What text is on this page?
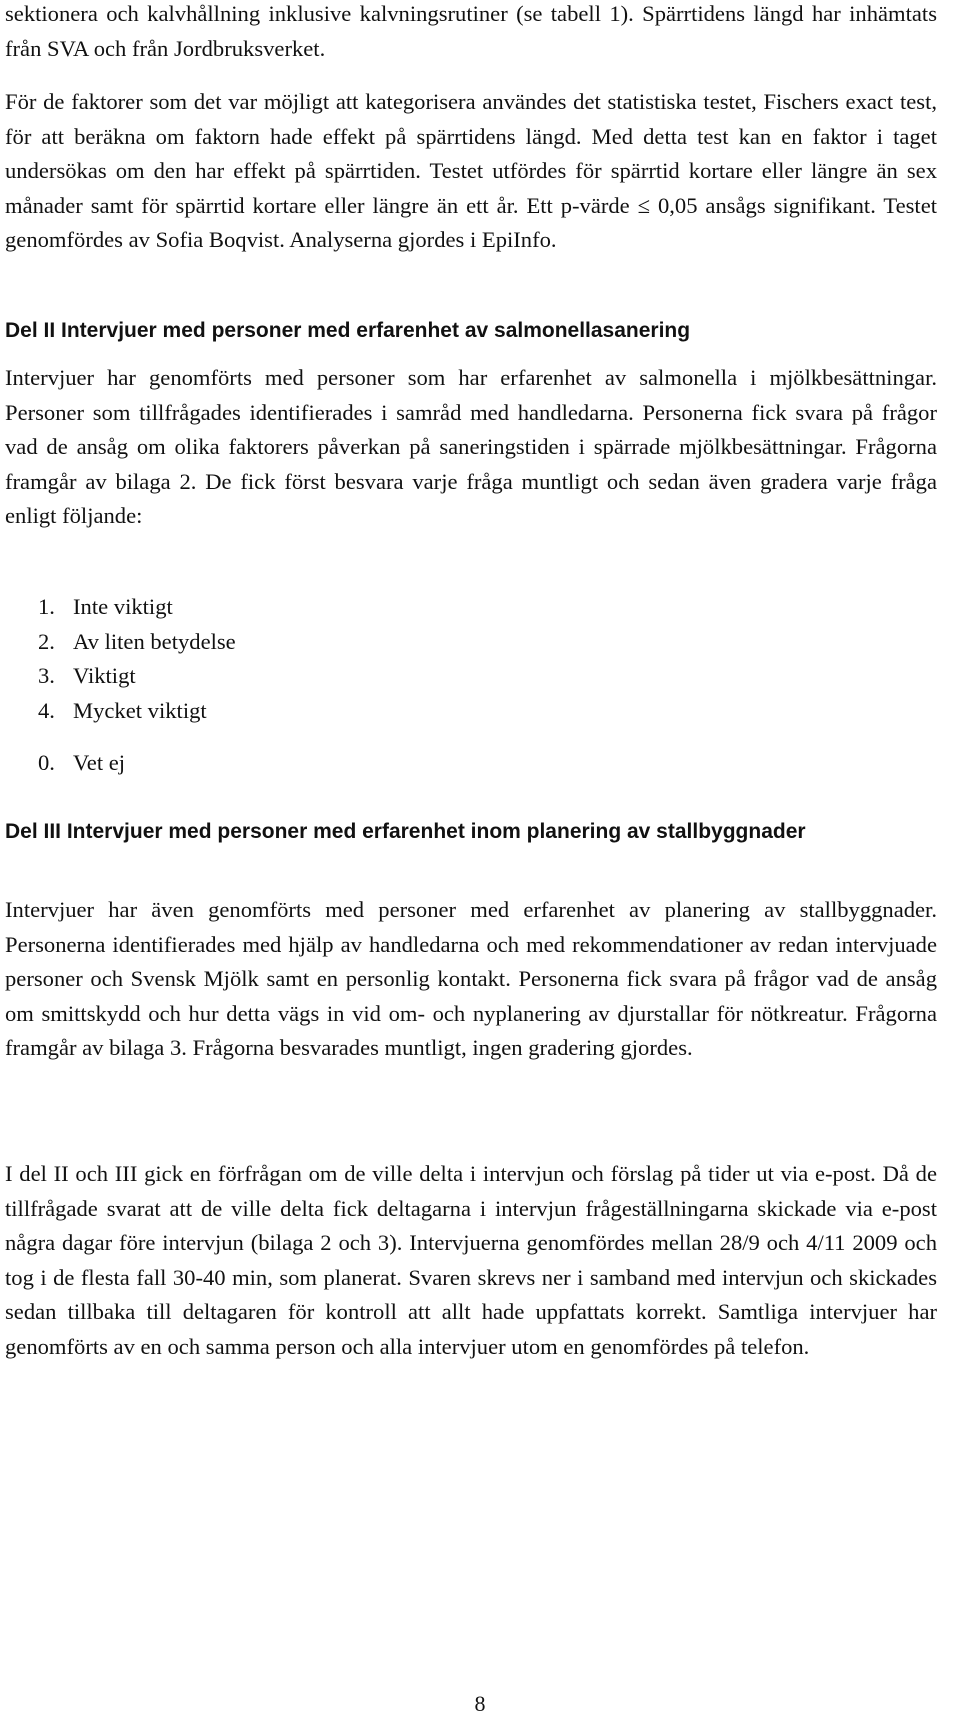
sektionera och kalvhållning inklusive kalvningsrutiner (se tabell 1). Spärrtidens längd har inhämtats från SVA och från Jordbruksverket.

För de faktorer som det var möjligt att kategorisera användes det statistiska testet, Fischers exact test, för att beräkna om faktorn hade effekt på spärrtidens längd. Med detta test kan en faktor i taget undersökas om den har effekt på spärrtiden. Testet utfördes för spärrtid kortare eller längre än sex månader samt för spärrtid kortare eller längre än ett år. Ett p-värde ≤ 0,05 ansågs signifikant. Testet genomfördes av Sofia Boqvist. Analyserna gjordes i EpiInfo.

Del II Intervjuer med personer med erfarenhet av salmonellasanering

Intervjuer har genomförts med personer som har erfarenhet av salmonella i mjölkbesättningar. Personer som tillfrågades identifierades i samråd med handledarna. Personerna fick svara på frågor vad de ansåg om olika faktorers påverkan på saneringstiden i spärrade mjölkbesättningar. Frågorna framgår av bilaga 2. De fick först besvara varje fråga muntligt och sedan även gradera varje fråga enligt följande:

1. Inte viktigt
2. Av liten betydelse
3. Viktigt
4. Mycket viktigt
0. Vet ej
Del III Intervjuer med personer med erfarenhet inom planering av stallbyggnader

Intervjuer har även genomförts med personer med erfarenhet av planering av stallbyggnader. Personerna identifierades med hjälp av handledarna och med rekommendationer av redan intervjuade personer och Svensk Mjölk samt en personlig kontakt. Personerna fick svara på frågor vad de ansåg om smittskydd och hur detta vägs in vid om- och nyplanering av djurstallar för nötkreatur. Frågorna framgår av bilaga 3. Frågorna besvarades muntligt, ingen gradering gjordes.

I del II och III gick en förfrågan om de ville delta i intervjun och förslag på tider ut via e-post. Då de tillfrågade svarat att de ville delta fick deltagarna i intervjun frågeställningarna skickade via e-post några dagar före intervjun (bilaga 2 och 3). Intervjuerna genomfördes mellan 28/9 och 4/11 2009 och tog i de flesta fall 30-40 min, som planerat. Svaren skrevs ner i samband med intervjun och skickades sedan tillbaka till deltagaren för kontroll att allt hade uppfattats korrekt. Samtliga intervjuer har genomförts av en och samma person och alla intervjuer utom en genomfördes på telefon.

8
